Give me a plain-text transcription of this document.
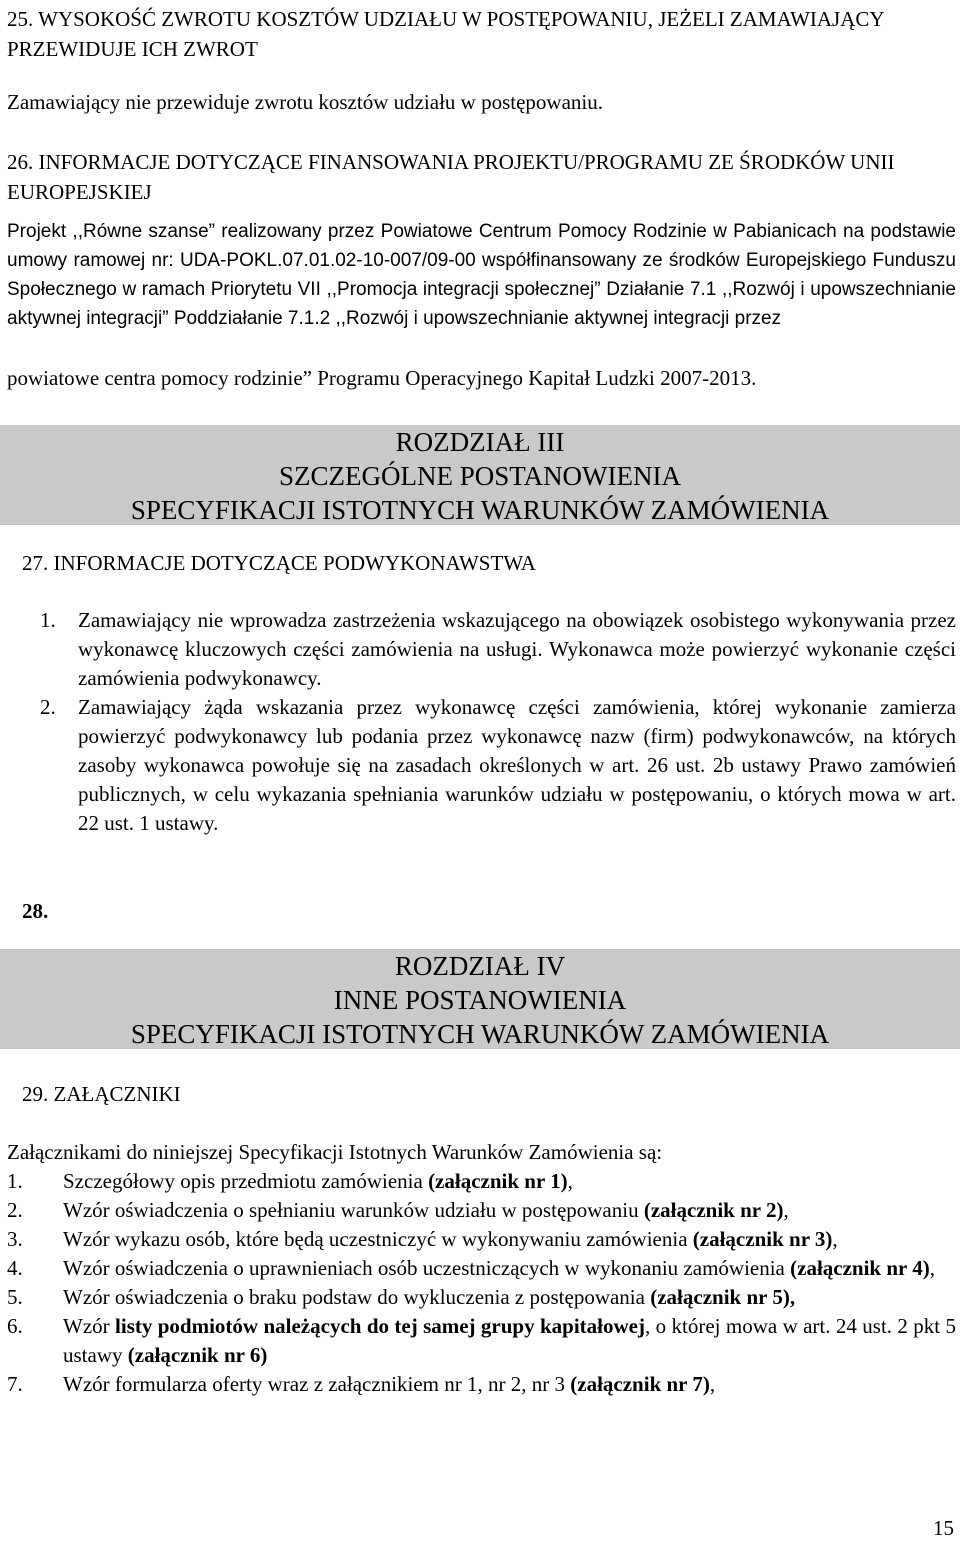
25. WYSOKOŚĆ ZWROTU KOSZTÓW UDZIAŁU W POSTĘPOWANIU, JEŻELI ZAMAWIAJĄCY PRZEWIDUJE ICH ZWROT
Zamawiający nie przewiduje zwrotu kosztów udziału w postępowaniu.
26. INFORMACJE DOTYCZĄCE FINANSOWANIA PROJEKTU/PROGRAMU ZE ŚRODKÓW UNII EUROPEJSKIEJ
Projekt ,,Równe szanse” realizowany przez Powiatowe Centrum Pomocy Rodzinie w Pabianicach na podstawie umowy ramowej nr: UDA-POKL.07.01.02-10-007/09-00 współfinansowany ze środków Europejskiego Funduszu Społecznego w ramach Priorytetu VII ,,Promocja integracji społecznej” Działanie 7.1 ,,Rozwój i upowszechnianie aktywnej integracji” Poddziałanie 7.1.2 ,,Rozwój i upowszechnianie aktywnej integracji przez
powiatowe centra pomocy rodzinie” Programu Operacyjnego Kapitał Ludzki 2007-2013.
ROZDZIAŁ III
SZCZEGÓLNE POSTANOWIENIA
SPECYFIKACJI ISTOTNYCH WARUNKÓW ZAMÓWIENIA
27. INFORMACJE DOTYCZĄCE PODWYKONAWSTWA
1. Zamawiający nie wprowadza zastrzeżenia wskazującego na obowiązek osobistego wykonywania przez wykonawcę kluczowych części zamówienia na usługi. Wykonawca może powierzyć wykonanie części zamówienia podwykonawcy.
2. Zamawiający żąda wskazania przez wykonawcę części zamówienia, której wykonanie zamierza powierzyć podwykonawcy lub podania przez wykonawcę nazw (firm) podwykonawców, na których zasoby wykonawca powołuje się na zasadach określonych w art. 26 ust. 2b ustawy Prawo zamówień publicznych, w celu wykazania spełniania warunków udziału w postępowaniu, o których mowa w art. 22 ust. 1 ustawy.
28.
ROZDZIAŁ IV
INNE POSTANOWIENIA
SPECYFIKACJI ISTOTNYCH WARUNKÓW ZAMÓWIENIA
29. ZAŁĄCZNIKI
Załącznikami do niniejszej Specyfikacji Istotnych Warunków Zamówienia są:
1. Szczegółowy opis przedmiotu zamówienia (załącznik nr 1),
2. Wzór oświadczenia o spełnianiu warunków udziału w postępowaniu (załącznik nr 2),
3. Wzór wykazu osób, które będą uczestniczyć w wykonywaniu zamówienia (załącznik nr 3),
4. Wzór oświadczenia o uprawnieniach osób uczestniczących w wykonaniu zamówienia (załącznik nr 4),
5. Wzór oświadczenia o braku podstaw do wykluczenia z postępowania (załącznik nr 5),
6. Wzór listy podmiotów należących do tej samej grupy kapitałowej, o której mowa w art. 24 ust. 2 pkt 5 ustawy (załącznik nr 6)
7. Wzór formularza oferty wraz z załącznikiem nr 1, nr 2, nr 3 (załącznik nr 7),
15
